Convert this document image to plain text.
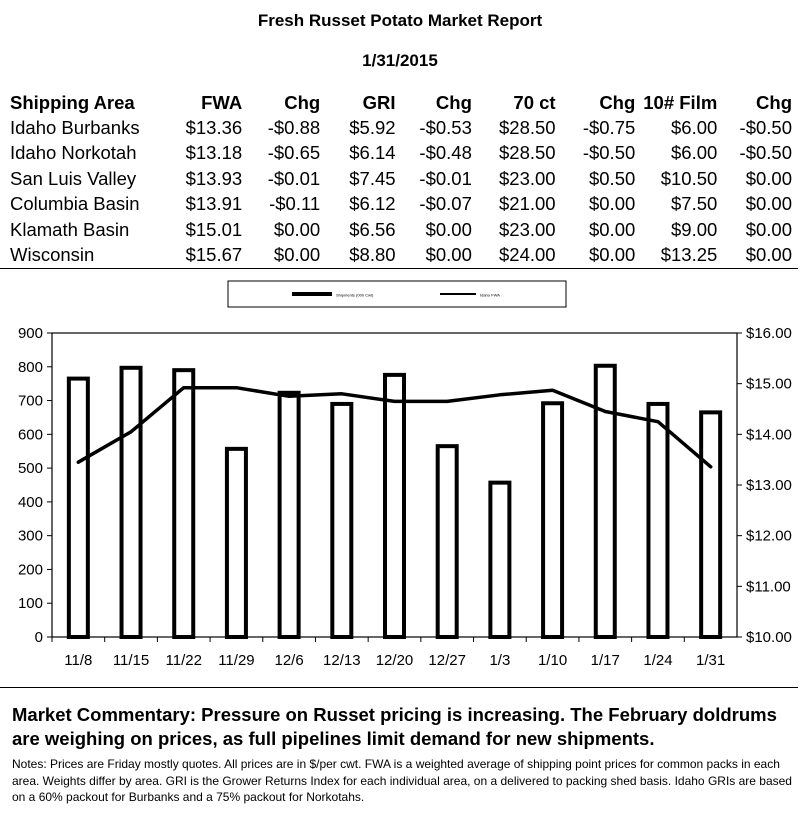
Fresh Russet Potato Market Report
1/31/2015
Shipping Area	FWA	Chg	GRI	Chg	70 ct	Chg	10# Film	Chg
Idaho Burbanks	$13.36	-$0.88	$5.92	-$0.53	$28.50	-$0.75	$6.00	-$0.50
Idaho Norkotah	$13.18	-$0.65	$6.14	-$0.48	$28.50	-$0.50	$6.00	-$0.50
San Luis Valley	$13.93	-$0.01	$7.45	-$0.01	$23.00	$0.50	$10.50	$0.00
Columbia Basin	$13.91	-$0.11	$6.12	-$0.07	$21.00	$0.00	$7.50	$0.00
Klamath Basin	$15.01	$0.00	$6.56	$0.00	$23.00	$0.00	$9.00	$0.00
Wisconsin	$15.67	$0.00	$8.80	$0.00	$24.00	$0.00	$13.25	$0.00
0
100
200
300
400
500
600
700
800
900
$10.00
$11.00
$12.00
$13.00
$14.00
$15.00
$16.00
11/8 11/15 11/22 11/29 12/6 12/13 12/20 12/27 1/3 1/10 1/17 1/24 1/31
Shipments (000 Cwt)	Idaho FWA
Market Commentary: Pressure on Russet pricing is increasing. The February doldrums are weighing on prices, as full pipelines limit demand for new shipments.
Notes: Prices are Friday mostly quotes. All prices are in $/per cwt. FWA is a weighted average of shipping point prices for common packs in each area. Weights differ by area. GRI is the Grower Returns Index for each individual area, on a delivered to packing shed basis. Idaho GRIs are based on a 60% packout for Burbanks and a 75% packout for Norkotahs.
